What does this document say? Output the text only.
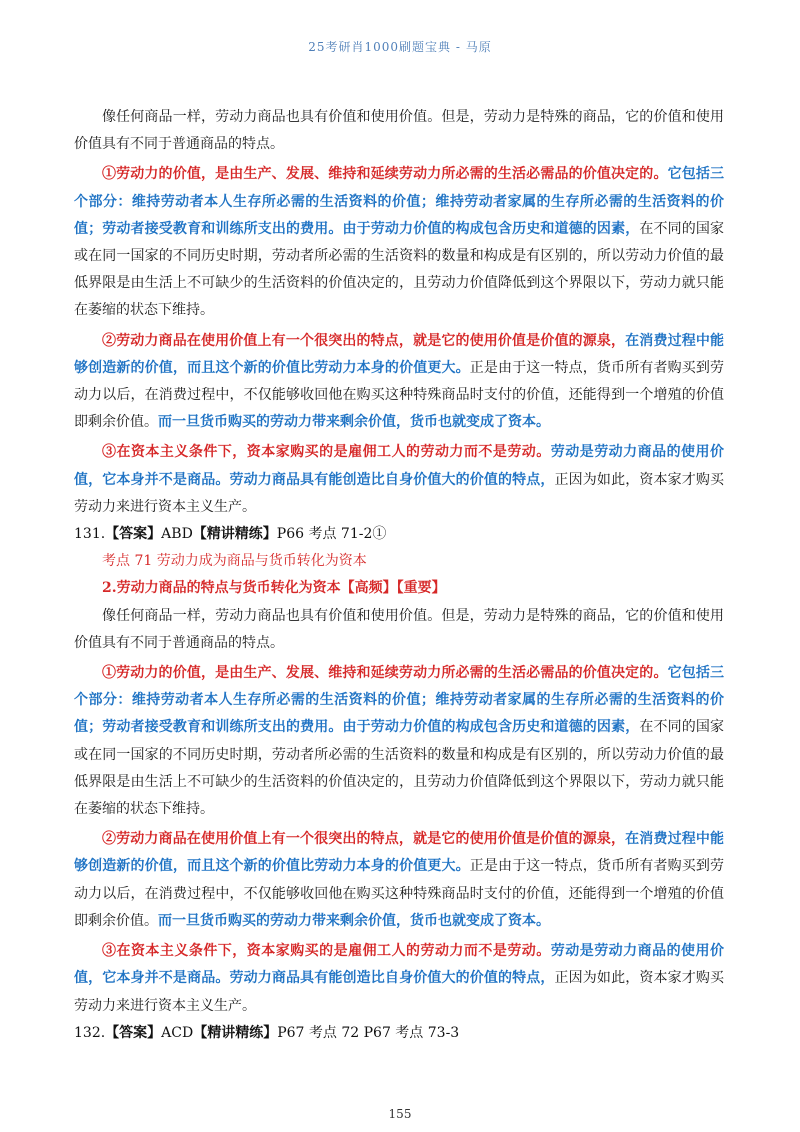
25考研肖1000刷题宝典 - 马原

像任何商品一样，劳动力商品也具有价值和使用价值。但是，劳动力是特殊的商品，它的价值和使用价值具有不同于普通商品的特点。

①劳动力的价值，是由生产、发展、维持和延续劳动力所必需的生活必需品的价值决定的。它包括三个部分：维持劳动者本人生存所必需的生活资料的价值；维持劳动者家属的生存所必需的生活资料的价值；劳动者接受教育和训练所支出的费用。由于劳动力价值的构成包含历史和道德的因素，在不同的国家或在同一国家的不同历史时期，劳动者所必需的生活资料的数量和构成是有区别的，所以劳动力价值的最低界限是由生活上不可缺少的生活资料的价值决定的，且劳动力价值降低到这个界限以下，劳动力就只能在萎缩的状态下维持。

②劳动力商品在使用价值上有一个很突出的特点，就是它的使用价值是价值的源泉，在消费过程中能够创造新的价值，而且这个新的价值比劳动力本身的价值更大。正是由于这一特点，货币所有者购买到劳动力以后，在消费过程中，不仅能够收回他在购买这种特殊商品时支付的价值，还能得到一个增殖的价值即剩余价值。而一旦货币购买的劳动力带来剩余价值，货币也就变成了资本。

③在资本主义条件下，资本家购买的是雇佣工人的劳动力而不是劳动。劳动是劳动力商品的使用价值，它本身并不是商品。劳动力商品具有能创造比自身价值大的价值的特点，正因为如此，资本家才购买劳动力来进行资本主义生产。

131.【答案】ABD【精讲精练】P66 考点 71-2①

考点 71 劳动力成为商品与货币转化为资本

2.劳动力商品的特点与货币转化为资本【高频】【重要】

像任何商品一样，劳动力商品也具有价值和使用价值。但是，劳动力是特殊的商品，它的价值和使用价值具有不同于普通商品的特点。

①劳动力的价值，是由生产、发展、维持和延续劳动力所必需的生活必需品的价值决定的。它包括三个部分：维持劳动者本人生存所必需的生活资料的价值；维持劳动者家属的生存所必需的生活资料的价值；劳动者接受教育和训练所支出的费用。由于劳动力价值的构成包含历史和道德的因素，在不同的国家或在同一国家的不同历史时期，劳动者所必需的生活资料的数量和构成是有区别的，所以劳动力价值的最低界限是由生活上不可缺少的生活资料的价值决定的，且劳动力价值降低到这个界限以下，劳动力就只能在萎缩的状态下维持。

②劳动力商品在使用价值上有一个很突出的特点，就是它的使用价值是价值的源泉，在消费过程中能够创造新的价值，而且这个新的价值比劳动力本身的价值更大。正是由于这一特点，货币所有者购买到劳动力以后，在消费过程中，不仅能够收回他在购买这种特殊商品时支付的价值，还能得到一个增殖的价值即剩余价值。而一旦货币购买的劳动力带来剩余价值，货币也就变成了资本。

③在资本主义条件下，资本家购买的是雇佣工人的劳动力而不是劳动。劳动是劳动力商品的使用价值，它本身并不是商品。劳动力商品具有能创造比自身价值大的价值的特点，正因为如此，资本家才购买劳动力来进行资本主义生产。

132.【答案】ACD【精讲精练】P67 考点 72 P67 考点 73-3

155
